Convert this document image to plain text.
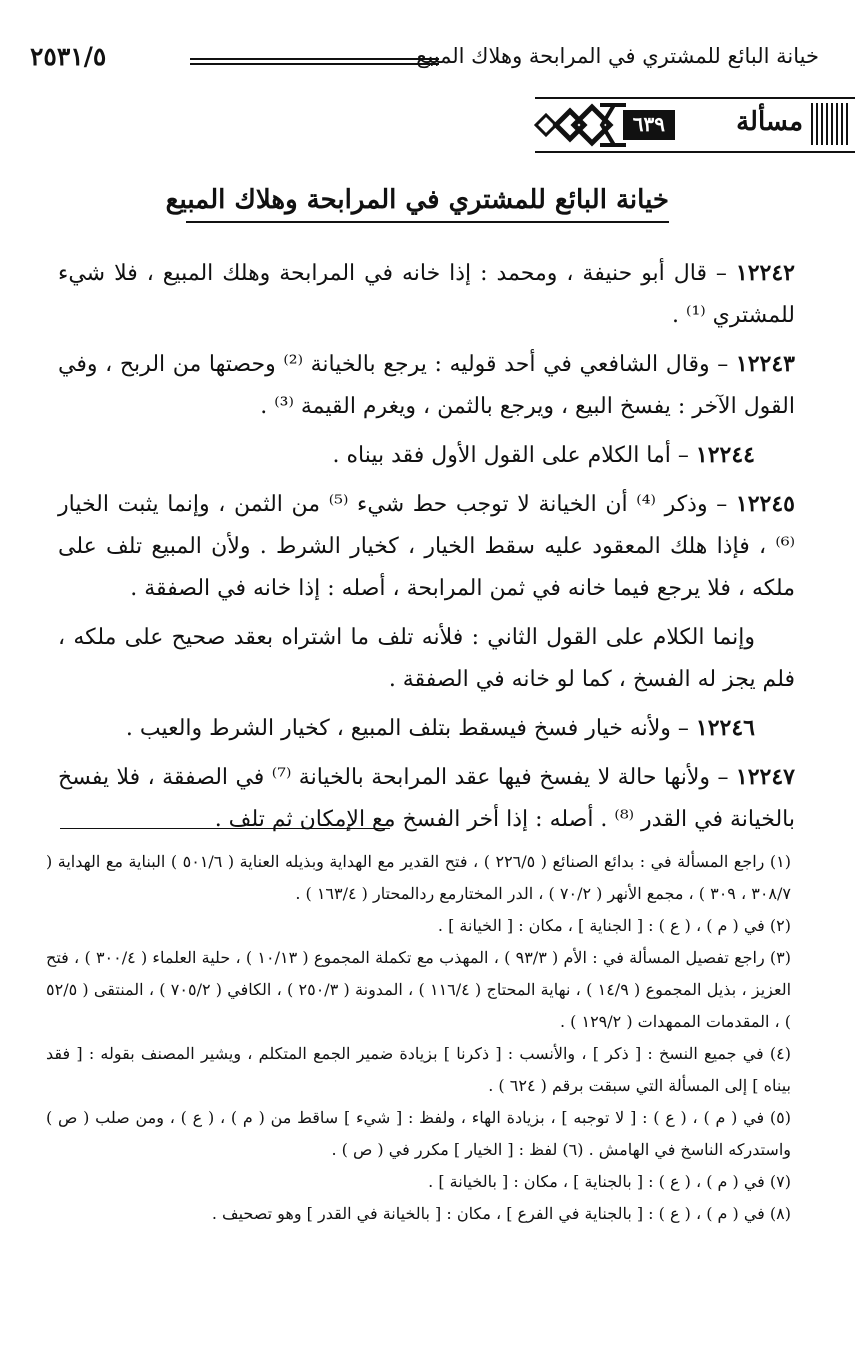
خيانة البائع للمشتري في المرابحة وهلاك المبيع
٢٥٣١/٥
مسألة
٦٣٩
خيانة البائع للمشتري في المرابحة وهلاك المبيع

١٢٢٤٢ – قال أبو حنيفة ، ومحمد : إذا خانه في المرابحة وهلك المبيع ، فلا شيء للمشتري ⁽¹⁾ .

١٢٢٤٣ – وقال الشافعي في أحد قوليه : يرجع بالخيانة ⁽²⁾ وحصتها من الربح ، وفي القول الآخر : يفسخ البيع ، ويرجع بالثمن ، ويغرم القيمة ⁽³⁾ .

١٢٢٤٤ – أما الكلام على القول الأول فقد بيناه .

١٢٢٤٥ – وذكر ⁽⁴⁾ أن الخيانة لا توجب حط شيء ⁽⁵⁾ من الثمن ، وإنما يثبت الخيار ⁽⁶⁾ ، فإذا هلك المعقود عليه سقط الخيار ، كخيار الشرط . ولأن المبيع تلف على ملكه ، فلا يرجع فيما خانه في ثمن المرابحة ، أصله : إذا خانه في الصفقة .

وإنما الكلام على القول الثاني : فلأنه تلف ما اشتراه بعقد صحيح على ملكه ، فلم يجز له الفسخ ، كما لو خانه في الصفقة .

١٢٢٤٦ – ولأنه خيار فسخ فيسقط بتلف المبيع ، كخيار الشرط والعيب .

١٢٢٤٧ – ولأنها حالة لا يفسخ فيها عقد المرابحة بالخيانة ⁽⁷⁾ في الصفقة ، فلا يفسخ بالخيانة في القدر ⁽⁸⁾ . أصله : إذا أخر الفسخ مع الإمكان ثم تلف .

(١) راجع المسألة في : بدائع الصنائع ( ٢٢٦/٥ ) ، فتح القدير مع الهداية وبذيله العناية ( ٥٠١/٦ ) البناية مع الهداية ( ٣٠٨/٧ ، ٣٠٩ ) ، مجمع الأنهر ( ٧٠/٢ ) ، الدر المختارمع ردالمحتار ( ١٦٣/٤ ) .

(٢) في ( م ) ، ( ع ) : [ الجناية ] ، مكان : [ الخيانة ] .

(٣) راجع تفصيل المسألة في : الأم ( ٩٣/٣ ) ، المهذب مع تكملة المجموع ( ١٠/١٣ ) ، حلية العلماء ( ٣٠٠/٤ ) ، فتح العزيز ، بذيل المجموع ( ١٤/٩ ) ، نهاية المحتاج ( ١١٦/٤ ) ، المدونة ( ٢٥٠/٣ ) ، الكافي ( ٧٠٥/٢ ) ، المنتقى ( ٥٢/٥ ) ، المقدمات الممهدات ( ١٢٩/٢ ) .

(٤) في جميع النسخ : [ ذكر ] ، والأنسب : [ ذكرنا ] بزيادة ضمير الجمع المتكلم ، ويشير المصنف بقوله : [ فقد بيناه ] إلى المسألة التي سبقت برقم ( ٦٢٤ ) .

(٥) في ( م ) ، ( ع ) : [ لا توجبه ] ، بزيادة الهاء ، ولفظ : [ شيء ] ساقط من ( م ) ، ( ع ) ، ومن صلب ( ص ) واستدركه الناسخ في الهامش . (٦) لفظ : [ الخيار ] مكرر في ( ص ) .

(٧) في ( م ) ، ( ع ) : [ بالجناية ] ، مكان : [ بالخيانة ] .

(٨) في ( م ) ، ( ع ) : [ بالجناية في الفرع ] ، مكان : [ بالخيانة في القدر ] وهو تصحيف .
